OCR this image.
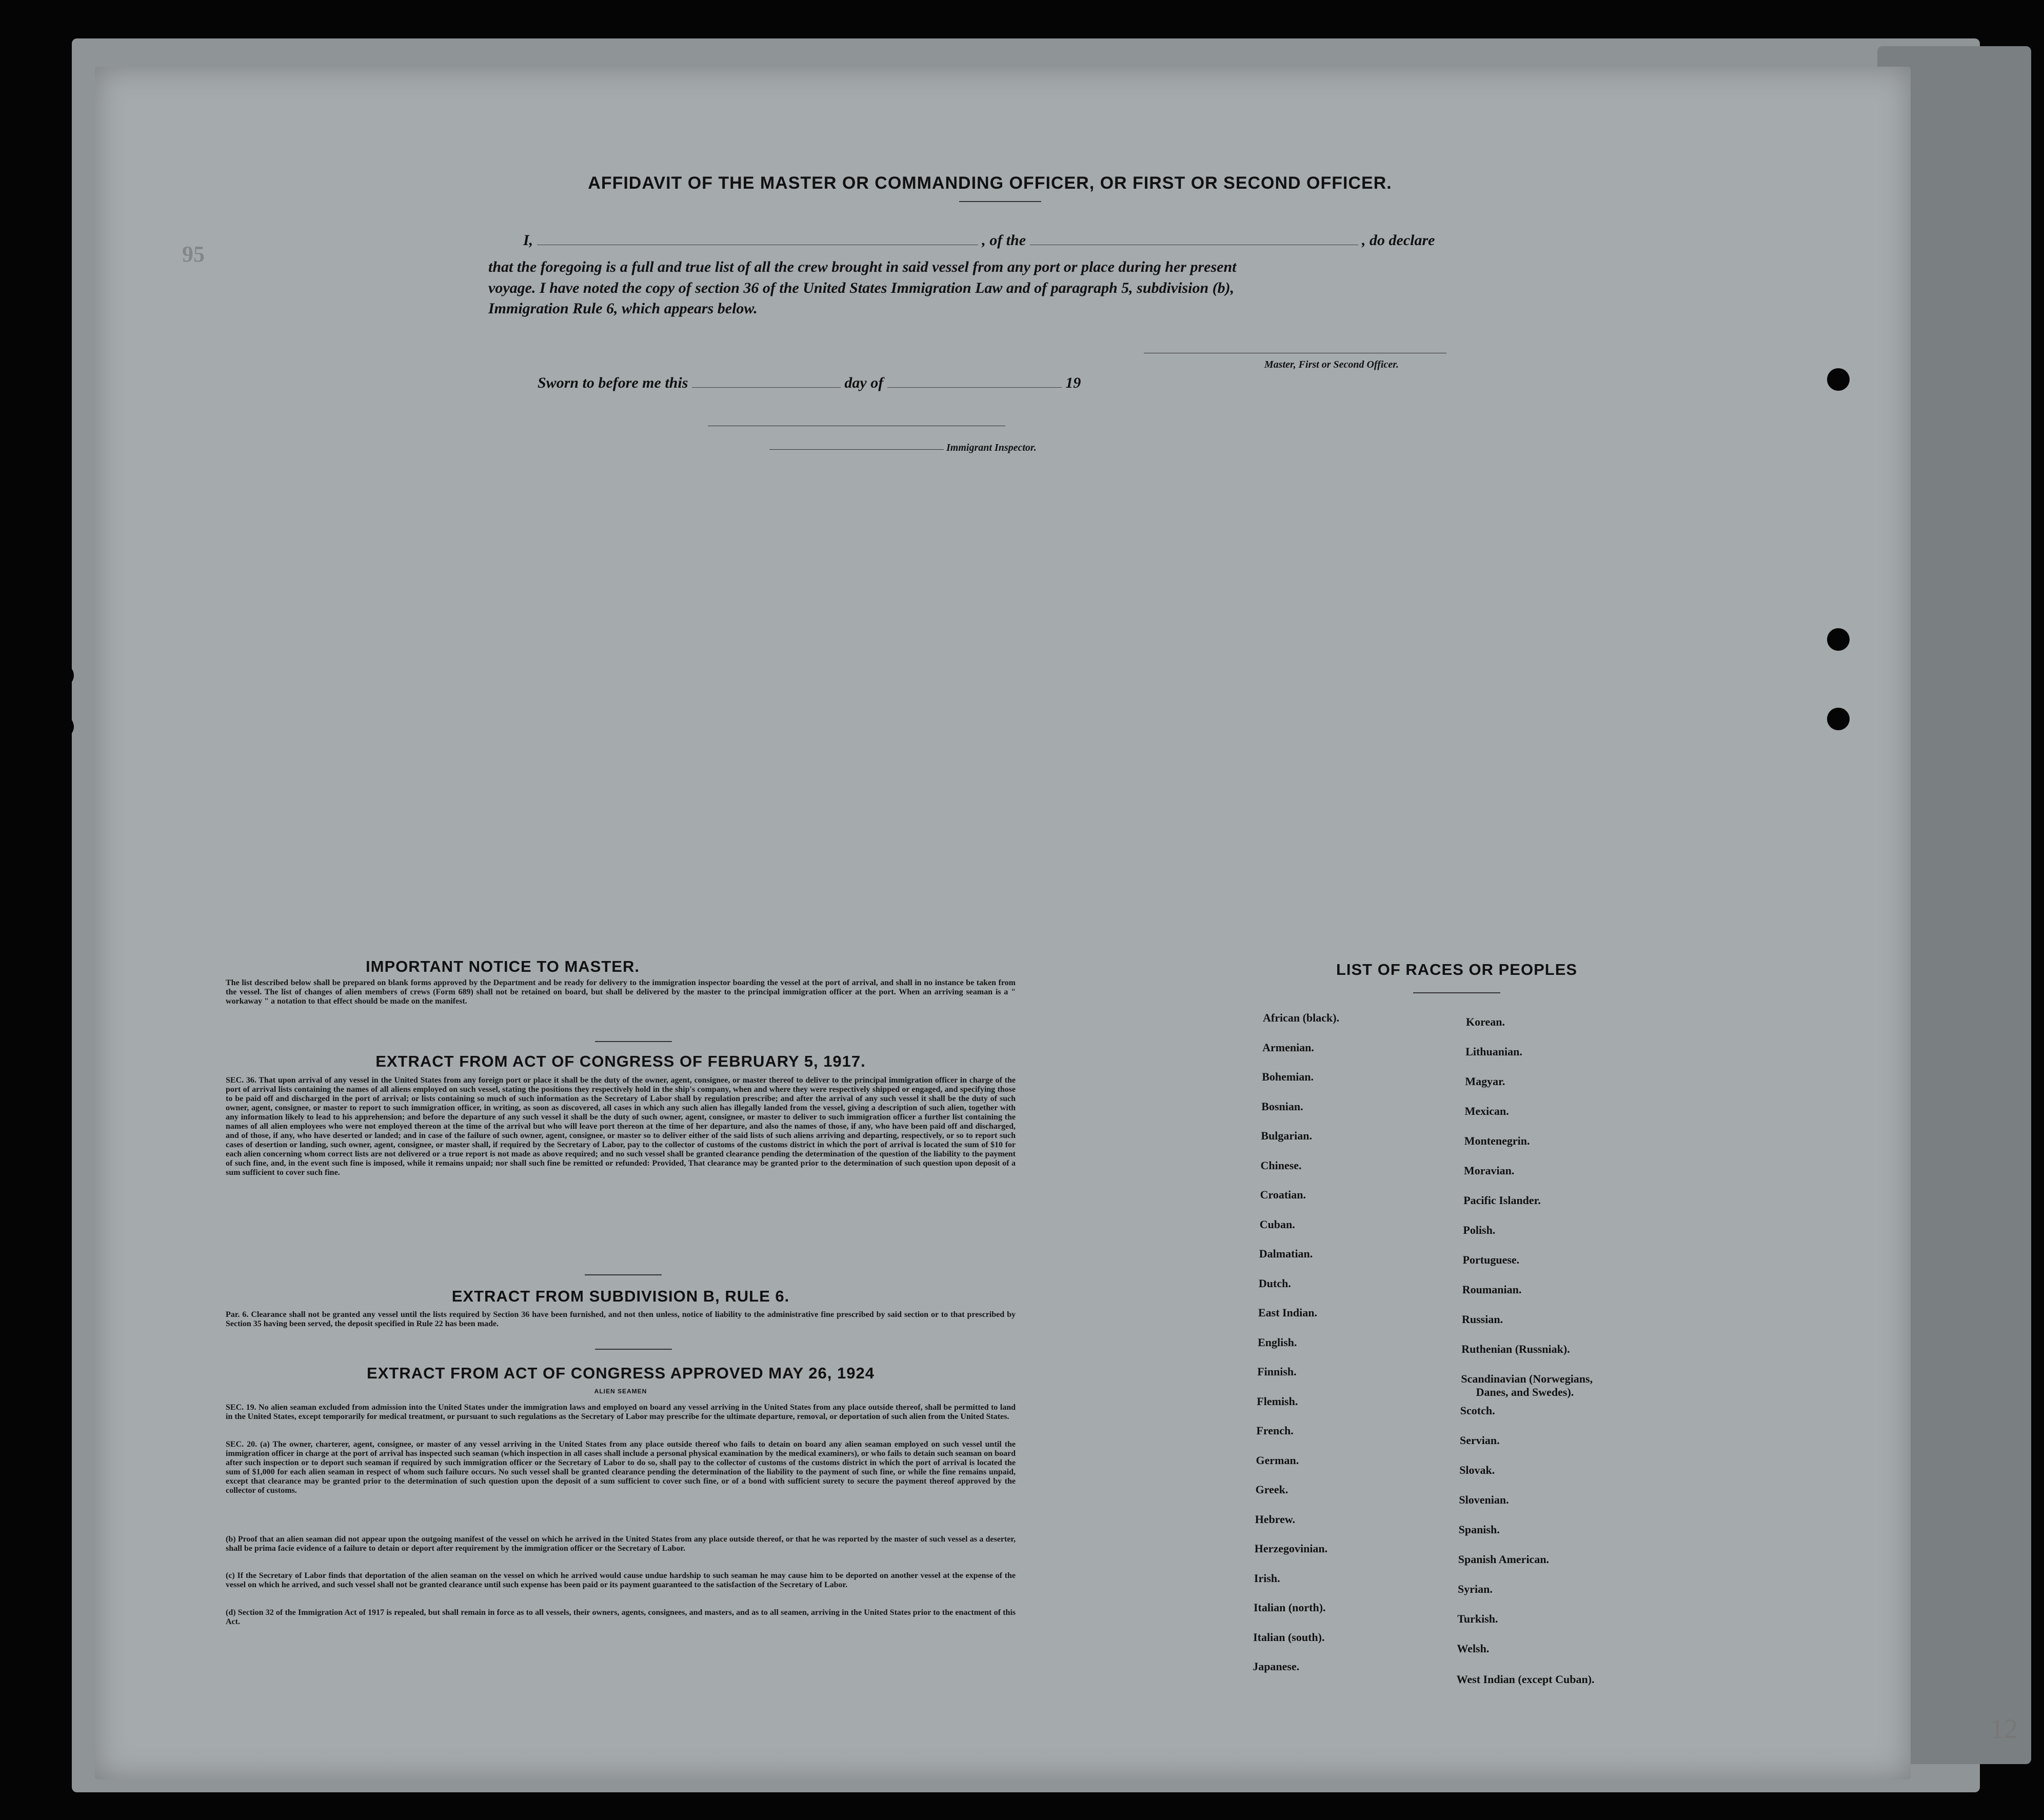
95
12
AFFIDAVIT OF THE MASTER OR COMMANDING OFFICER, OR FIRST OR SECOND OFFICER.
I,	, of the	, do declare
that the foregoing is a full and true list of all the crew brought in said vessel from any port or place during her present
voyage. I have noted the copy of section 36 of the United States Immigration Law and of paragraph 5, subdivision (b),
Immigration Rule 6, which appears below.
Master, First or Second Officer.
Sworn to before me this	day of	19
Immigrant Inspector.
IMPORTANT NOTICE TO MASTER.
The list described below shall be prepared on blank forms approved by the Department and be ready for delivery to the immigration inspector boarding the vessel at the port of arrival, and shall in no instance be taken from the vessel. The list of changes of alien members of crews (Form 689) shall not be retained on board, but shall be delivered by the master to the principal immigration officer at the port. When an arriving seaman is a " workaway " a notation to that effect should be made on the manifest.
EXTRACT FROM ACT OF CONGRESS OF FEBRUARY 5, 1917.
SEC. 36. That upon arrival of any vessel in the United States from any foreign port or place it shall be the duty of the owner, agent, consignee, or master thereof to deliver to the principal immigration officer in charge of the port of arrival lists containing the names of all aliens employed on such vessel, stating the positions they respectively hold in the ship's company, when and where they were respectively shipped or engaged, and specifying those to be paid off and discharged in the port of arrival; or lists containing so much of such information as the Secretary of Labor shall by regulation prescribe; and after the arrival of any such vessel it shall be the duty of such owner, agent, consignee, or master to report to such immigration officer, in writing, as soon as discovered, all cases in which any such alien has illegally landed from the vessel, giving a description of such alien, together with any information likely to lead to his apprehension; and before the departure of any such vessel it shall be the duty of such owner, agent, consignee, or master to deliver to such immigration officer a further list containing the names of all alien employees who were not employed thereon at the time of the arrival but who will leave port thereon at the time of her departure, and also the names of those, if any, who have been paid off and discharged, and of those, if any, who have deserted or landed; and in case of the failure of such owner, agent, consignee, or master so to deliver either of the said lists of such aliens arriving and departing, respectively, or so to report such cases of desertion or landing, such owner, agent, consignee, or master shall, if required by the Secretary of Labor, pay to the collector of customs of the customs district in which the port of arrival is located the sum of $10 for each alien concerning whom correct lists are not delivered or a true report is not made as above required; and no such vessel shall be granted clearance pending the determination of the question of the liability to the payment of such fine, and, in the event such fine is imposed, while it remains unpaid; nor shall such fine be remitted or refunded: Provided, That clearance may be granted prior to the determination of such question upon deposit of a sum sufficient to cover such fine.
EXTRACT FROM SUBDIVISION B, RULE 6.
Par. 6. Clearance shall not be granted any vessel until the lists required by Section 36 have been furnished, and not then unless, notice of liability to the administrative fine prescribed by said section or to that prescribed by Section 35 having been served, the deposit specified in Rule 22 has been made.
EXTRACT FROM ACT OF CONGRESS APPROVED MAY 26, 1924
ALIEN SEAMEN
SEC. 19. No alien seaman excluded from admission into the United States under the immigration laws and employed on board any vessel arriving in the United States from any place outside thereof, shall be permitted to land in the United States, except temporarily for medical treatment, or pursuant to such regulations as the Secretary of Labor may prescribe for the ultimate departure, removal, or deportation of such alien from the United States.
SEC. 20. (a) The owner, charterer, agent, consignee, or master of any vessel arriving in the United States from any place outside thereof who fails to detain on board any alien seaman employed on such vessel until the immigration officer in charge at the port of arrival has inspected such seaman (which inspection in all cases shall include a personal physical examination by the medical examiners), or who fails to detain such seaman on board after such inspection or to deport such seaman if required by such immigration officer or the Secretary of Labor to do so, shall pay to the collector of customs of the customs district in which the port of arrival is located the sum of $1,000 for each alien seaman in respect of whom such failure occurs. No such vessel shall be granted clearance pending the determination of the liability to the payment of such fine, or while the fine remains unpaid, except that clearance may be granted prior to the determination of such question upon the deposit of a sum sufficient to cover such fine, or of a bond with sufficient surety to secure the payment thereof approved by the collector of customs.
(b) Proof that an alien seaman did not appear upon the outgoing manifest of the vessel on which he arrived in the United States from any place outside thereof, or that he was reported by the master of such vessel as a deserter, shall be prima facie evidence of a failure to detain or deport after requirement by the immigration officer or the Secretary of Labor.
(c) If the Secretary of Labor finds that deportation of the alien seaman on the vessel on which he arrived would cause undue hardship to such seaman he may cause him to be deported on another vessel at the expense of the vessel on which he arrived, and such vessel shall not be granted clearance until such expense has been paid or its payment guaranteed to the satisfaction of the Secretary of Labor.
(d) Section 32 of the Immigration Act of 1917 is repealed, but shall remain in force as to all vessels, their owners, agents, consignees, and masters, and as to all seamen, arriving in the United States prior to the enactment of this Act.
LIST OF RACES OR PEOPLES
African (black).
Armenian.
Bohemian.
Bosnian.
Bulgarian.
Chinese.
Croatian.
Cuban.
Dalmatian.
Dutch.
East Indian.
English.
Finnish.
Flemish.
French.
German.
Greek.
Hebrew.
Herzegovinian.
Irish.
Italian (north).
Italian (south).
Japanese.
Korean.
Lithuanian.
Magyar.
Mexican.
Montenegrin.
Moravian.
Pacific Islander.
Polish.
Portuguese.
Roumanian.
Russian.
Ruthenian (Russniak).
Scandinavian (Norwegians,
Danes, and Swedes).
Scotch.
Servian.
Slovak.
Slovenian.
Spanish.
Spanish American.
Syrian.
Turkish.
Welsh.
West Indian (except Cuban).
